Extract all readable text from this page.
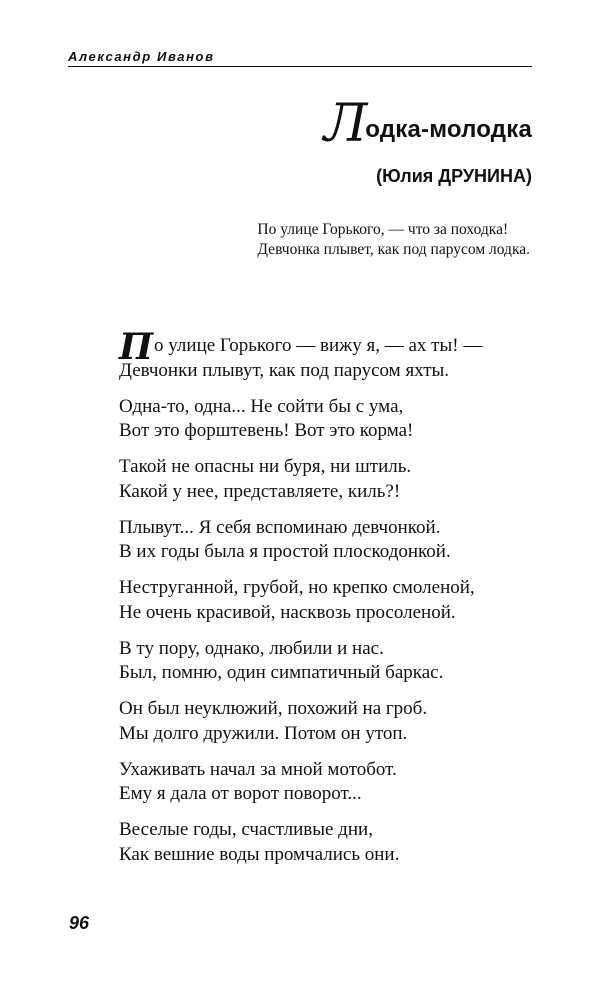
Александр Иванов
Л
одка-молодка
(Юлия ДРУНИНА)
По улице Горького, — что за походка!
Девчонка плывет, как под парусом лодка.
П о улице Горького — вижу я, — ах ты! —
Девчонки плывут, как под парусом яхты.
Одна-то, одна... Не сойти бы с ума,
Вот это форштевень! Вот это корма!
Такой не опасны ни буря, ни штиль.
Какой у нее, представляете, киль?!
Плывут... Я себя вспоминаю девчонкой.
В их годы была я простой плоскодонкой.
Неструганной, грубой, но крепко смоленой,
Не очень красивой, насквозь просоленой.
В ту пору, однако, любили и нас.
Был, помню, один симпатичный баркас.
Он был неуклюжий, похожий на гроб.
Мы долго дружили. Потом он утоп.
Ухаживать начал за мной мотобот.
Ему я дала от ворот поворот...
Веселые годы, счастливые дни,
Как вешние воды промчались они.
96
